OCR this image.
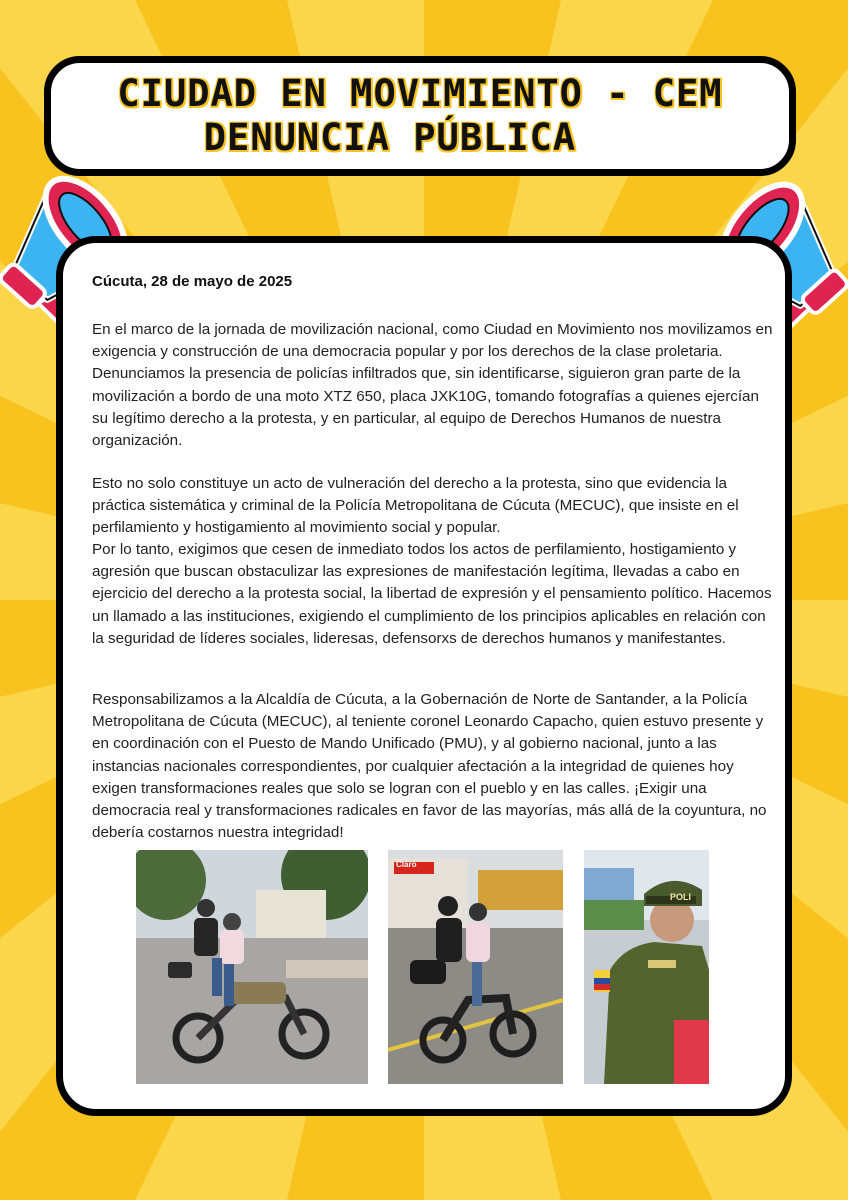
CIUDAD EN MOVIMIENTO - CEM
DENUNCIA PÚBLICA
Cúcuta, 28 de mayo de 2025

En el marco de la jornada de movilización nacional, como Ciudad en Movimiento nos movilizamos en exigencia y construcción de una democracia popular y por los derechos de la clase proletaria. Denunciamos la presencia de policías infiltrados que, sin identificarse, siguieron gran parte de la movilización a bordo de una moto XTZ 650, placa JXK10G, tomando fotografías a quienes ejercían su legítimo derecho a la protesta, y en particular, al equipo de Derechos Humanos de nuestra organización.

Esto no solo constituye un acto de vulneración del derecho a la protesta, sino que evidencia la práctica sistemática y criminal de la Policía Metropolitana de Cúcuta (MECUC), que insiste en el perfilamiento y hostigamiento al movimiento social y popular.

Por lo tanto, exigimos que cesen de inmediato todos los actos de perfilamiento, hostigamiento y agresión que buscan obstaculizar las expresiones de manifestación legítima, llevadas a cabo en ejercicio del derecho a la protesta social, la libertad de expresión y el pensamiento político. Hacemos un llamado a las instituciones, exigiendo el cumplimiento de los principios aplicables en relación con la seguridad de líderes sociales, lideresas, defensorxs de derechos humanos y manifestantes.

Responsabilizamos a la Alcaldía de Cúcuta, a la Gobernación de Norte de Santander, a la Policía Metropolitana de Cúcuta (MECUC), al teniente coronel Leonardo Capacho, quien estuvo presente y en coordinación con el Puesto de Mando Unificado (PMU), y al gobierno nacional, junto a las instancias nacionales correspondientes, por cualquier afectación a la integridad de quienes hoy exigen transformaciones reales que solo se logran con el pueblo y en las calles. ¡Exigir una democracia real y transformaciones radicales en favor de las mayorías, más allá de la coyuntura, no debería costarnos nuestra integridad!

POLI
Claro
